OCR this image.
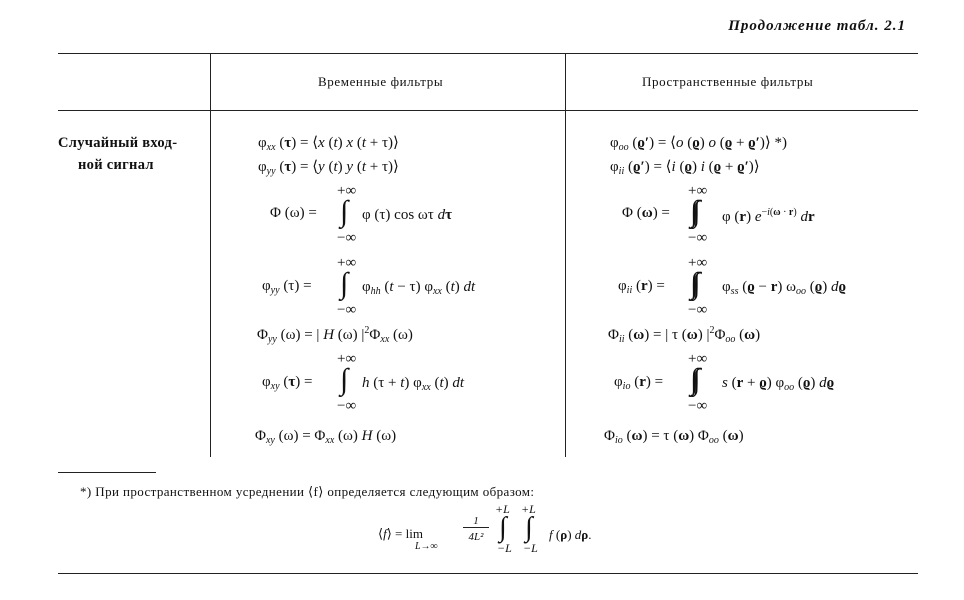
Продолжение табл. 2.1
Временные фильтры	Пространственные фильтры
Случайный вход-
ной сигнал
$\varphi_{xx}$ (τ) = ⟨x (t) x (t + τ)⟩
$\varphi_{yy}$ (τ) = ⟨y (t) y (t + τ)⟩
Φ (ω) =
+∞
∫
−∞
φ (τ) cos ωτ dτ
$\varphi_{yy}$ (τ) =
+∞
∫
−∞
$\varphi_{hh}$ (t − τ) $\varphi_{xx}$ (t) dt
$\Phi_{yy}$ (ω) = | H (ω) $|^2\Phi_{xx}$ (ω)
$\varphi_{xy}$ (τ) =
+∞
∫
−∞
h (τ + t) $\varphi_{xx}$ (t) dt
$\Phi_{xy}$ $(\omega) = \Phi_{xx}$ (ω) H (ω)
$\varphi_{oo}$ (ϱ′) = ⟨o (ϱ) o (ϱ + ϱ′)⟩ *)
$\varphi_{ii}$ (ϱ′) = ⟨i (ϱ) i (ϱ + ϱ′)⟩
Φ (ω) =
+∞
∫∫
−∞
φ (r) $e^{-i(\omega \cdot r)}$ dr
$\varphi_{ii}$ (r) =
+∞
∫∫
−∞
$\varphi_{ss}$ (ϱ − r) $\omega_{oo}$ (ϱ) dϱ
$\Phi_{ii}$ (ω) = | τ (ω) $|^2\Phi_{oo}$ (ω)
$\varphi_{io}$ (r) =
+∞
∫∫
−∞
s (r + ϱ) $\varphi_{oo}$ (ϱ) dϱ
$\Phi_{io}$ (ω) = τ (ω) $\Phi_{oo}$ (ω)
*) При пространственном усреднении ⟨f⟩ определяется следующим образом:
⟨f⟩ = lim
L→∞
1
4L²
+L +L
∫ ∫
−L −L
f (ρ) dρ.
